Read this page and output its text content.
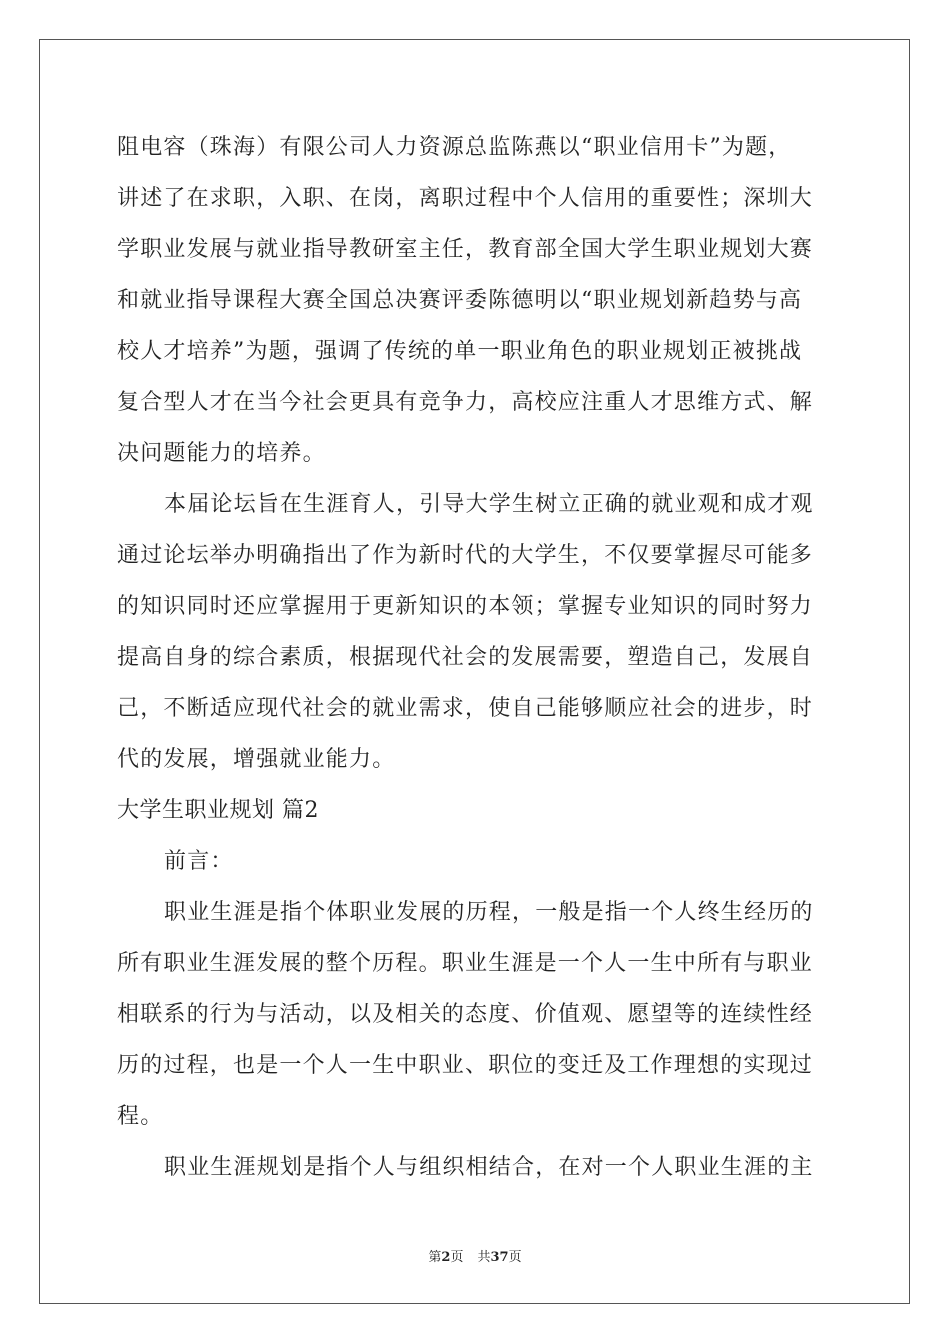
阻电容（珠海）有限公司人力资源总监陈燕以“职业信用卡”为题，
讲述了在求职，入职、在岗，离职过程中个人信用的重要性；深圳大
学职业发展与就业指导教研室主任，教育部全国大学生职业规划大赛
和就业指导课程大赛全国总决赛评委陈德明以“职业规划新趋势与高
校人才培养”为题，强调了传统的单一职业角色的职业规划正被挑战
复合型人才在当今社会更具有竞争力，高校应注重人才思维方式、解
决问题能力的培养。
本届论坛旨在生涯育人，引导大学生树立正确的就业观和成才观
通过论坛举办明确指出了作为新时代的大学生，不仅要掌握尽可能多
的知识同时还应掌握用于更新知识的本领；掌握专业知识的同时努力
提高自身的综合素质，根据现代社会的发展需要，塑造自己，发展自
己，不断适应现代社会的就业需求，使自己能够顺应社会的进步，时
代的发展，增强就业能力。
大学生职业规划 篇2
前言：
职业生涯是指个体职业发展的历程，一般是指一个人终生经历的
所有职业生涯发展的整个历程。职业生涯是一个人一生中所有与职业
相联系的行为与活动，以及相关的态度、价值观、愿望等的连续性经
历的过程，也是一个人一生中职业、职位的变迁及工作理想的实现过
程。
职业生涯规划是指个人与组织相结合，在对一个人职业生涯的主
第2页 共37页
